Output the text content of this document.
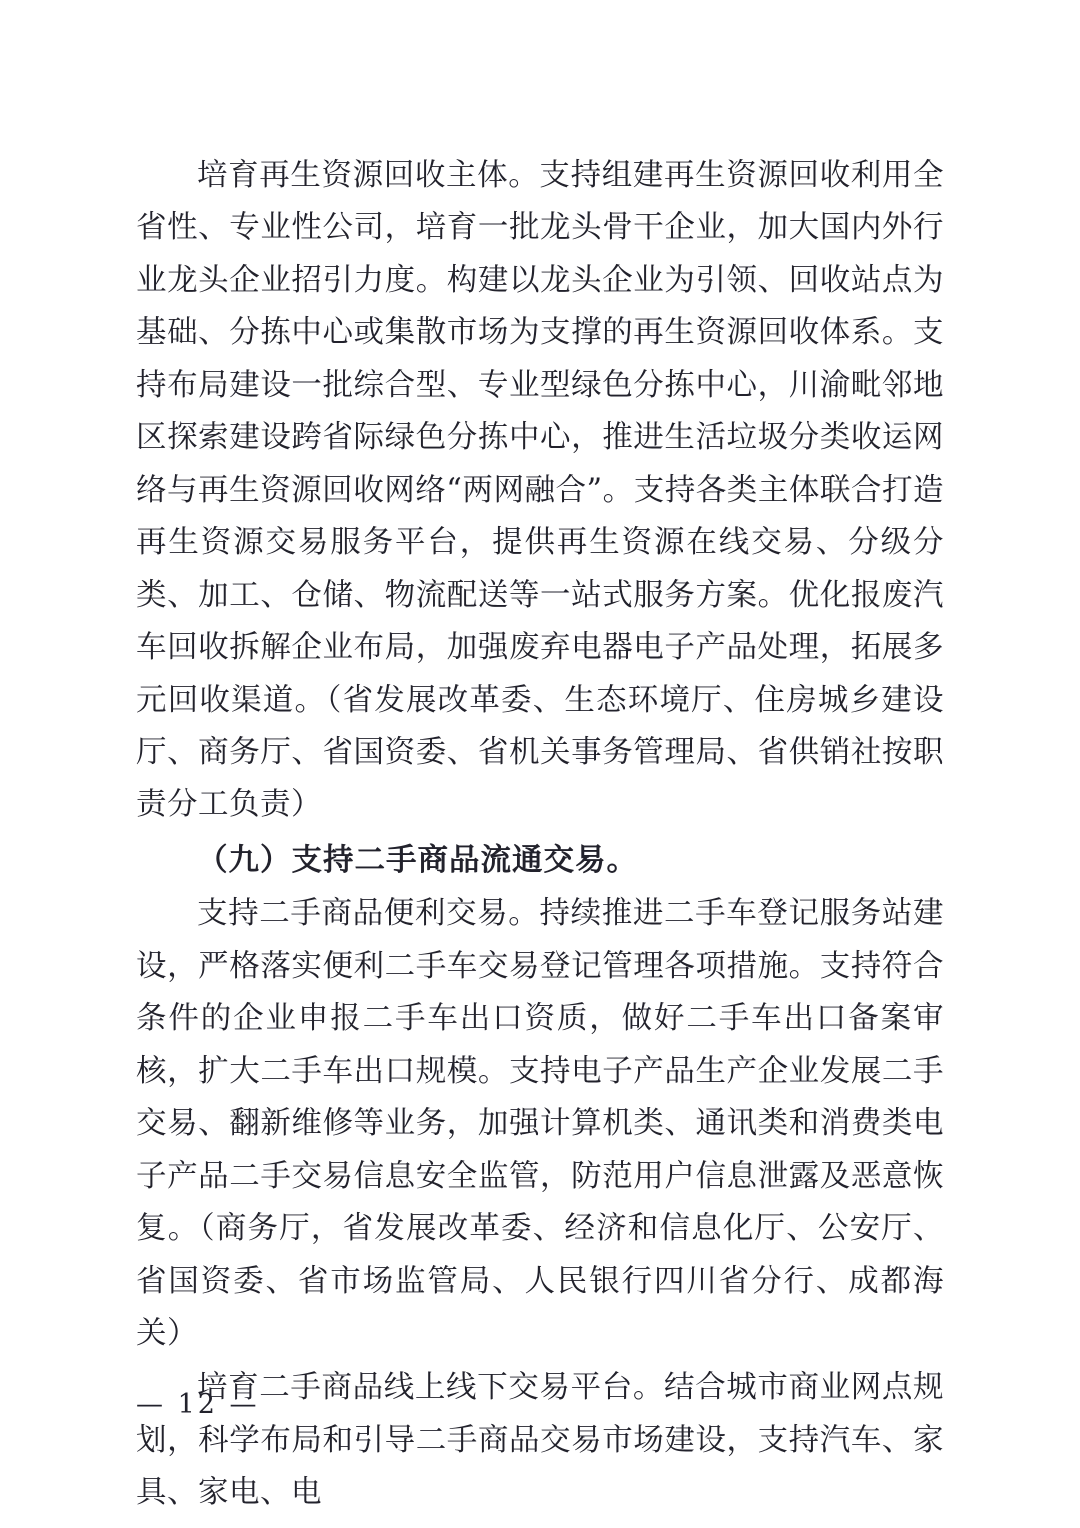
培育再生资源回收主体。支持组建再生资源回收利用全省性、专业性公司，培育一批龙头骨干企业，加大国内外行业龙头企业招引力度。构建以龙头企业为引领、回收站点为基础、分拣中心或集散市场为支撑的再生资源回收体系。支持布局建设一批综合型、专业型绿色分拣中心，川渝毗邻地区探索建设跨省际绿色分拣中心，推进生活垃圾分类收运网络与再生资源回收网络“两网融合”。支持各类主体联合打造再生资源交易服务平台，提供再生资源在线交易、分级分类、加工、仓储、物流配送等一站式服务方案。优化报废汽车回收拆解企业布局，加强废弃电器电子产品处理，拓展多元回收渠道。（省发展改革委、生态环境厅、住房城乡建设厅、商务厅、省国资委、省机关事务管理局、省供销社按职责分工负责）

（九）支持二手商品流通交易。

支持二手商品便利交易。持续推进二手车登记服务站建设，严格落实便利二手车交易登记管理各项措施。支持符合条件的企业申报二手车出口资质，做好二手车出口备案审核，扩大二手车出口规模。支持电子产品生产企业发展二手交易、翻新维修等业务，加强计算机类、通讯类和消费类电子产品二手交易信息安全监管，防范用户信息泄露及恶意恢复。（商务厅，省发展改革委、经济和信息化厅、公安厅、省国资委、省市场监管局、人民银行四川省分行、成都海关）

培育二手商品线上线下交易平台。结合城市商业网点规划，科学布局和引导二手商品交易市场建设，支持汽车、家具、家电、电

— 12 —
